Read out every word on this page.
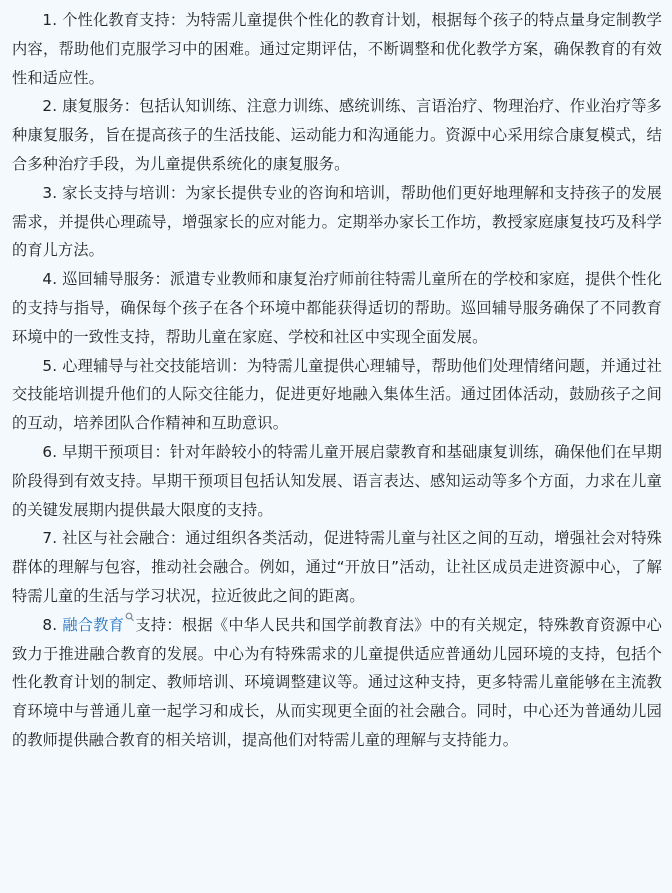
1. 个性化教育支持：为特需儿童提供个性化的教育计划，根据每个孩子的特点量身定制教学内容，帮助他们克服学习中的困难。通过定期评估，不断调整和优化教学方案，确保教育的有效性和适应性。

2. 康复服务：包括认知训练、注意力训练、感统训练、言语治疗、物理治疗、作业治疗等多种康复服务，旨在提高孩子的生活技能、运动能力和沟通能力。资源中心采用综合康复模式，结合多种治疗手段，为儿童提供系统化的康复服务。

3. 家长支持与培训：为家长提供专业的咨询和培训，帮助他们更好地理解和支持孩子的发展需求，并提供心理疏导，增强家长的应对能力。定期举办家长工作坊，教授家庭康复技巧及科学的育儿方法。

4. 巡回辅导服务：派遣专业教师和康复治疗师前往特需儿童所在的学校和家庭，提供个性化的支持与指导，确保每个孩子在各个环境中都能获得适切的帮助。巡回辅导服务确保了不同教育环境中的一致性支持，帮助儿童在家庭、学校和社区中实现全面发展。

5. 心理辅导与社交技能培训：为特需儿童提供心理辅导，帮助他们处理情绪问题，并通过社交技能培训提升他们的人际交往能力，促进更好地融入集体生活。通过团体活动，鼓励孩子之间的互动，培养团队合作精神和互助意识。

6. 早期干预项目：针对年龄较小的特需儿童开展启蒙教育和基础康复训练，确保他们在早期阶段得到有效支持。早期干预项目包括认知发展、语言表达、感知运动等多个方面，力求在儿童的关键发展期内提供最大限度的支持。

7. 社区与社会融合：通过组织各类活动，促进特需儿童与社区之间的互动，增强社会对特殊群体的理解与包容，推动社会融合。例如，通过“开放日”活动，让社区成员走进资源中心，了解特需儿童的生活与学习状况，拉近彼此之间的距离。

8. 融合教育 支持：根据《中华人民共和国学前教育法》中的有关规定，特殊教育资源中心致力于推进融合教育的发展。中心为有特殊需求的儿童提供适应普通幼儿园环境的支持，包括个性化教育计划的制定、教师培训、环境调整建议等。通过这种支持，更多特需儿童能够在主流教育环境中与普通儿童一起学习和成长，从而实现更全面的社会融合。同时，中心还为普通幼儿园的教师提供融合教育的相关培训，提高他们对特需儿童的理解与支持能力。
